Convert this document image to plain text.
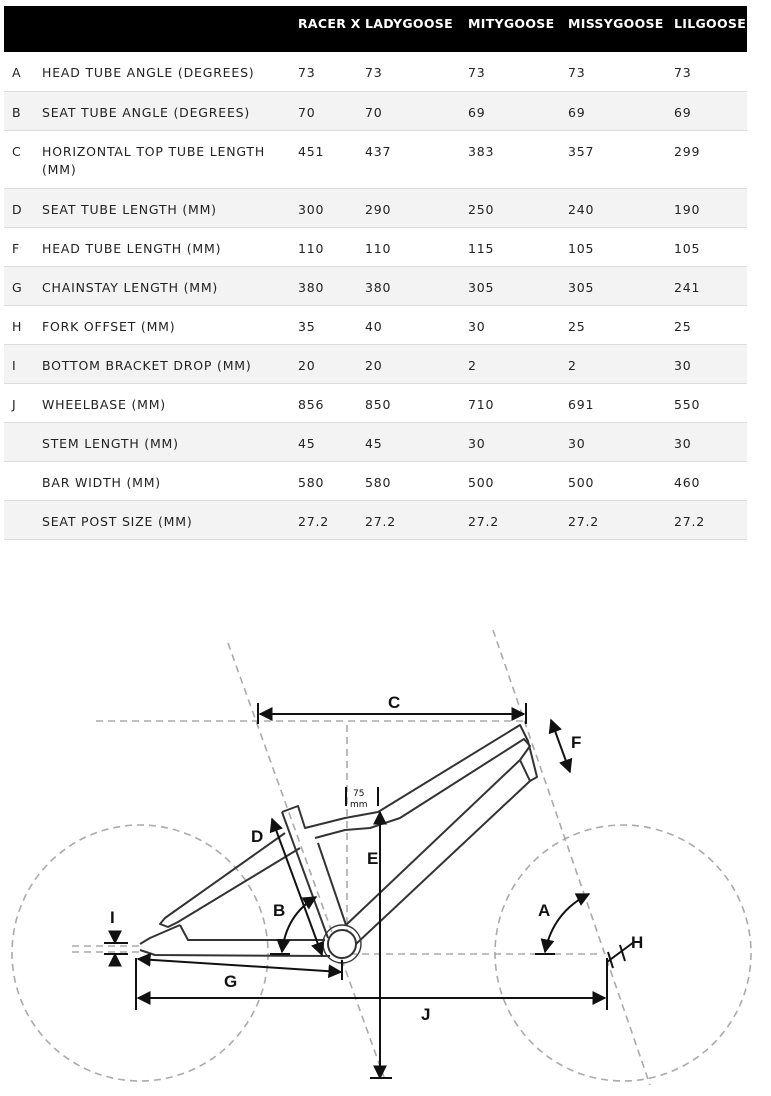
		RACER X	LADYGOOSE	MITYGOOSE	MISSYGOOSE	LILGOOSE
A	HEAD TUBE ANGLE (DEGREES)	73	73	73	73	73
B	SEAT TUBE ANGLE (DEGREES)	70	70	69	69	69
C	HORIZONTAL TOP TUBE LENGTH (MM)	451	437	383	357	299
D	SEAT TUBE LENGTH (MM)	300	290	250	240	190
F	HEAD TUBE LENGTH (MM)	110	110	115	105	105
G	CHAINSTAY LENGTH (MM)	380	380	305	305	241
H	FORK OFFSET (MM)	35	40	30	25	25
I	BOTTOM BRACKET DROP (MM)	20	20	2	2	30
J	WHEELBASE (MM)	856	850	710	691	550
	STEM LENGTH (MM)	45	45	30	30	30
	BAR WIDTH (MM)	580	580	500	500	460
	SEAT POST SIZE (MM)	27.2	27.2	27.2	27.2	27.2
A
B
C
D
E
F
G
H
I
J
75
mm
